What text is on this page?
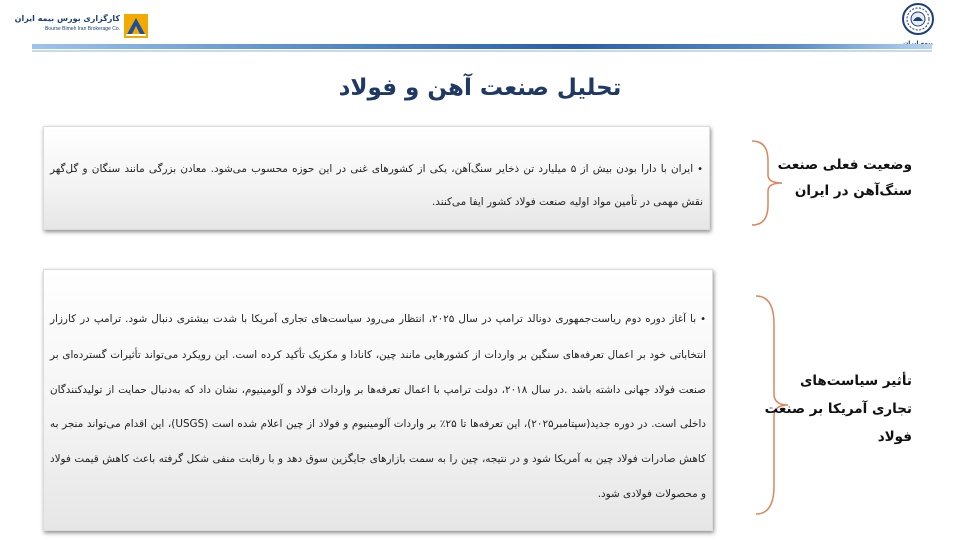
کارگزاری بورس بیمه ایران
Bourse Bimeh Iran Brokerage Co.
تحلیل صنعت آهن و فولاد

•ایران با دارا بودن بیش از ۵ میلیارد تن ذخایر سنگ‌آهن، یکی از کشورهای غنی در این حوزه محسوب می‌شود. معادن بزرگی مانند سنگان و گل‌گهر نقش مهمی در تأمین مواد اولیه صنعت فولاد کشور ایفا می‌کنند.

وضعیت فعلی صنعت سنگ‌آهن در ایران

•با آغاز دوره دوم ریاست‌جمهوری دونالد ترامپ در سال ۲۰۲۵، انتظار می‌رود سیاست‌های تجاری آمریکا با شدت بیشتری دنبال شود. ترامپ در کارزار انتخاباتی خود بر اعمال تعرفه‌های سنگین بر واردات از کشورهایی مانند چین، کانادا و مکزیک تأکید کرده است. این رویکرد می‌تواند تأثیرات گسترده‌ای بر صنعت فولاد جهانی داشته باشد .در سال ۲۰۱۸، دولت ترامپ با اعمال تعرفه‌ها بر واردات فولاد و آلومینیوم، نشان داد که به‌دنبال حمایت از تولیدکنندگان داخلی است. در دوره جدید(سپتامبر۲۰۲۵)، این تعرفه‌ها تا ۲۵٪ بر واردات آلومینیوم و فولاد از چین اعلام شده است (USGS)، این اقدام می‌تواند منجر به کاهش صادرات فولاد چین به آمریکا شود و در نتیجه، چین را به سمت بازارهای جایگزین سوق دهد و با رقابت منفی شکل گرفته باعث کاهش قیمت فولاد و محصولات فولادی شود.

تأثیر سیاست‌های تجاری آمریکا بر صنعت فولاد
